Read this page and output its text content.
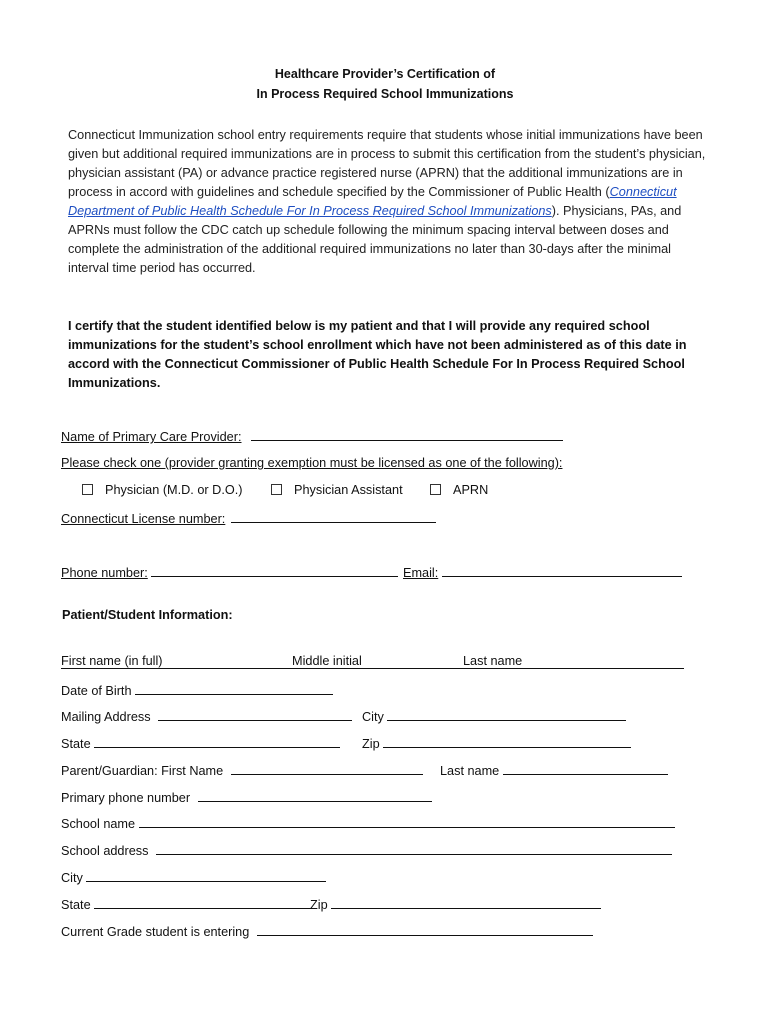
Healthcare Provider’s Certification of
In Process Required School Immunizations
Connecticut Immunization school entry requirements require that students whose initial immunizations have been given but additional required immunizations are in process to submit this certification from the student’s physician, physician assistant (PA) or advance practice registered nurse (APRN) that the additional immunizations are in process in accord with guidelines and schedule specified by the Commissioner of Public Health (Connecticut Department of Public Health Schedule For In Process Required School Immunizations). Physicians, PAs, and APRNs must follow the CDC catch up schedule following the minimum spacing interval between doses and complete the administration of the additional required immunizations no later than 30-days after the minimal interval time period has occurred.
I certify that the student identified below is my patient and that I will provide any required school immunizations for the student’s school enrollment which have not been administered as of this date in accord with the Connecticut Commissioner of Public Health Schedule For In Process Required School Immunizations.
Name of Primary Care Provider:
Please check one (provider granting exemption must be licensed as one of the following):
Physician (M.D. or D.O.)	Physician Assistant	APRN
Connecticut License number:
Phone number:	Email:
Patient/Student Information:
First name (in full)	Middle initial	Last name
Date of Birth
Mailing Address	City
State	Zip
Parent/Guardian: First Name	Last name
Primary phone number
School name
School address
City
State	Zip
Current Grade student is entering
